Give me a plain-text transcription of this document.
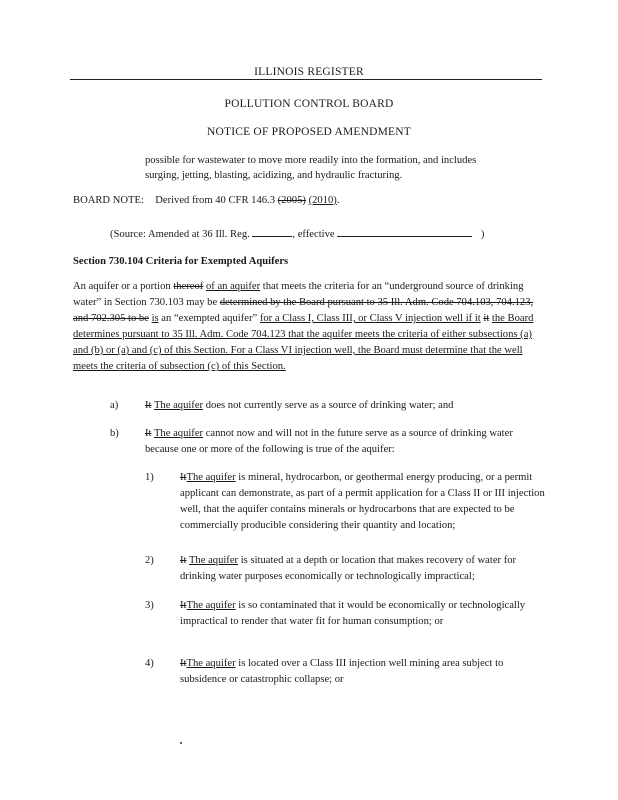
ILLINOIS REGISTER
POLLUTION CONTROL BOARD
NOTICE OF PROPOSED AMENDMENT
possible for wastewater to move more readily into the formation, and includes
surging, jetting, blasting, acidizing, and hydraulic fracturing.
BOARD NOTE: Derived from 40 CFR 146.3 (2005) (2010).
(Source: Amended at 36 Ill. Reg.	, effective	)
Section 730.104 Criteria for Exempted Aquifers
An aquifer or a portion thereof of an aquifer that meets the criteria for an “underground source of drinking water” in Section 730.103 may be determined by the Board pursuant to 35 Ill. Adm. Code 704.103, 704.123, and 702.305 to be is an “exempted aquifer” for a Class I, Class III, or Class V injection well if it it the Board determines pursuant to 35 Ill. Adm. Code 704.123 that the aquifer meets the criteria of either subsections (a) and (b) or (a) and (c) of this Section. For a Class VI injection well, the Board must determine that the well meets the criteria of subsection (c) of this Section.
a)	It The aquifer does not currently serve as a source of drinking water; and
b) It The aquifer cannot now and will not in the future serve as a source of drinking water because one or more of the following is true of the aquifer:
1) ItThe aquifer is mineral, hydrocarbon, or geothermal energy producing, or a permit applicant can demonstrate, as part of a permit application for a Class II or III injection well, that the aquifer contains minerals or hydrocarbons that are expected to be commercially producible considering their quantity and location;
2) It The aquifer is situated at a depth or location that makes recovery of water for drinking water purposes economically or technologically impractical;
3) ItThe aquifer is so contaminated that it would be economically or technologically impractical to render that water fit for human consumption; or
4) ItThe aquifer is located over a Class III injection well mining area subject to subsidence or catastrophic collapse; or
